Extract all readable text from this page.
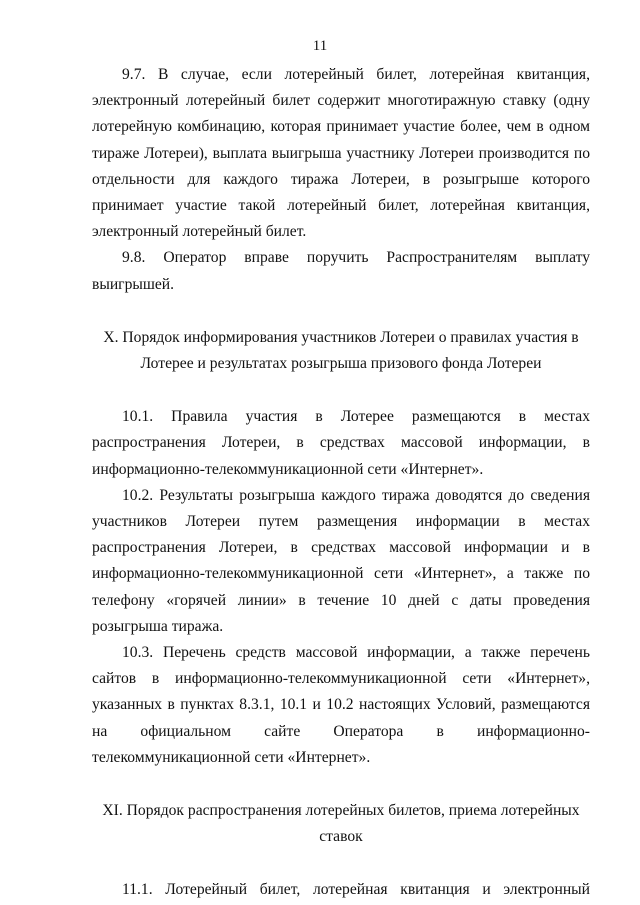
11

9.7. В случае, если лотерейный билет, лотерейная квитанция, электронный лотерейный билет содержит многотиражную ставку (одну лотерейную комбинацию, которая принимает участие более, чем в одном тираже Лотереи), выплата выигрыша участнику Лотереи производится по отдельности для каждого тиража Лотереи, в розыгрыше которого принимает участие такой лотерейный билет, лотерейная квитанция, электронный лотерейный билет.

9.8. Оператор вправе поручить Распространителям выплату выигрышей.

X. Порядок информирования участников Лотереи о правилах участия в Лотерее и результатах розыгрыша призового фонда Лотереи

10.1. Правила участия в Лотерее размещаются в местах распространения Лотереи, в средствах массовой информации, в информационно-телекоммуникационной сети «Интернет».

10.2. Результаты розыгрыша каждого тиража доводятся до сведения участников Лотереи путем размещения информации в местах распространения Лотереи, в средствах массовой информации и в информационно-телекоммуникационной сети «Интернет», а также по телефону «горячей линии» в течение 10 дней с даты проведения розыгрыша тиража.

10.3. Перечень средств массовой информации, а также перечень сайтов в информационно-телекоммуникационной сети «Интернет», указанных в пунктах 8.3.1, 10.1 и 10.2 настоящих Условий, размещаются на официальном сайте Оператора в информационно-телекоммуникационной сети «Интернет».

XI. Порядок распространения лотерейных билетов, приема лотерейных ставок

11.1. Лотерейный билет, лотерейная квитанция и электронный
